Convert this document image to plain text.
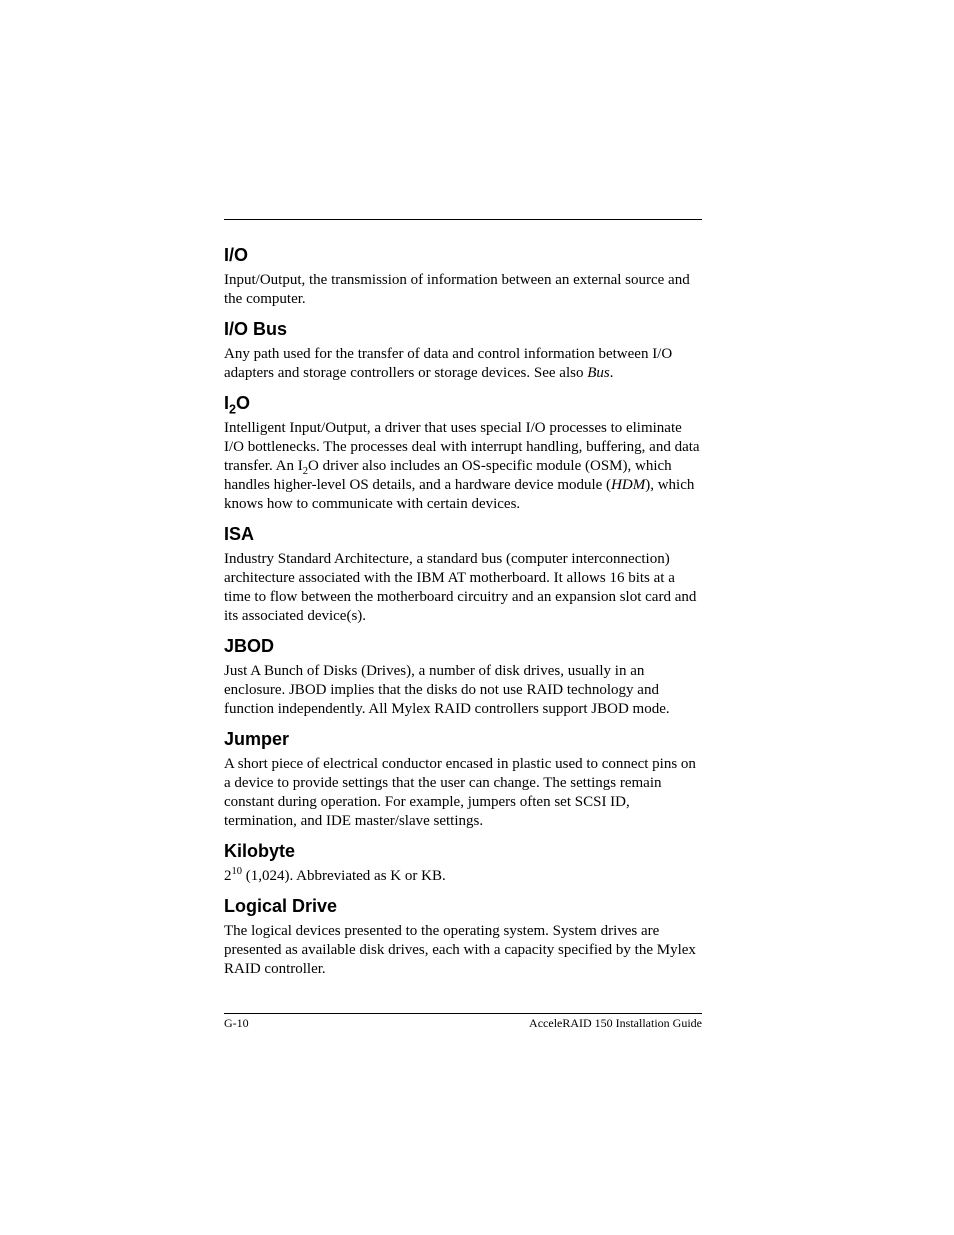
I/O
Input/Output, the transmission of information between an external source and the computer.
I/O Bus
Any path used for the transfer of data and control information between I/O adapters and storage controllers or storage devices. See also Bus.
$I_2O$
Intelligent Input/Output, a driver that uses special I/O processes to eliminate I/O bottlenecks. The processes deal with interrupt handling, buffering, and data transfer. An $I_2O$ driver also includes an OS-specific module (OSM), which handles higher-level OS details, and a hardware device module (HDM), which knows how to communicate with certain devices.
ISA
Industry Standard Architecture, a standard bus (computer interconnection) architecture associated with the IBM AT motherboard. It allows 16 bits at a time to flow between the motherboard circuitry and an expansion slot card and its associated device(s).
JBOD
Just A Bunch of Disks (Drives), a number of disk drives, usually in an enclosure. JBOD implies that the disks do not use RAID technology and function independently. All Mylex RAID controllers support JBOD mode.
Jumper
A short piece of electrical conductor encased in plastic used to connect pins on a device to provide settings that the user can change. The settings remain constant during operation. For example, jumpers often set SCSI ID, termination, and IDE master/slave settings.
Kilobyte
$2^{10}$ (1,024). Abbreviated as K or KB.
Logical Drive
The logical devices presented to the operating system. System drives are presented as available disk drives, each with a capacity specified by the Mylex RAID controller.
G-10	AcceleRAID 150 Installation Guide
